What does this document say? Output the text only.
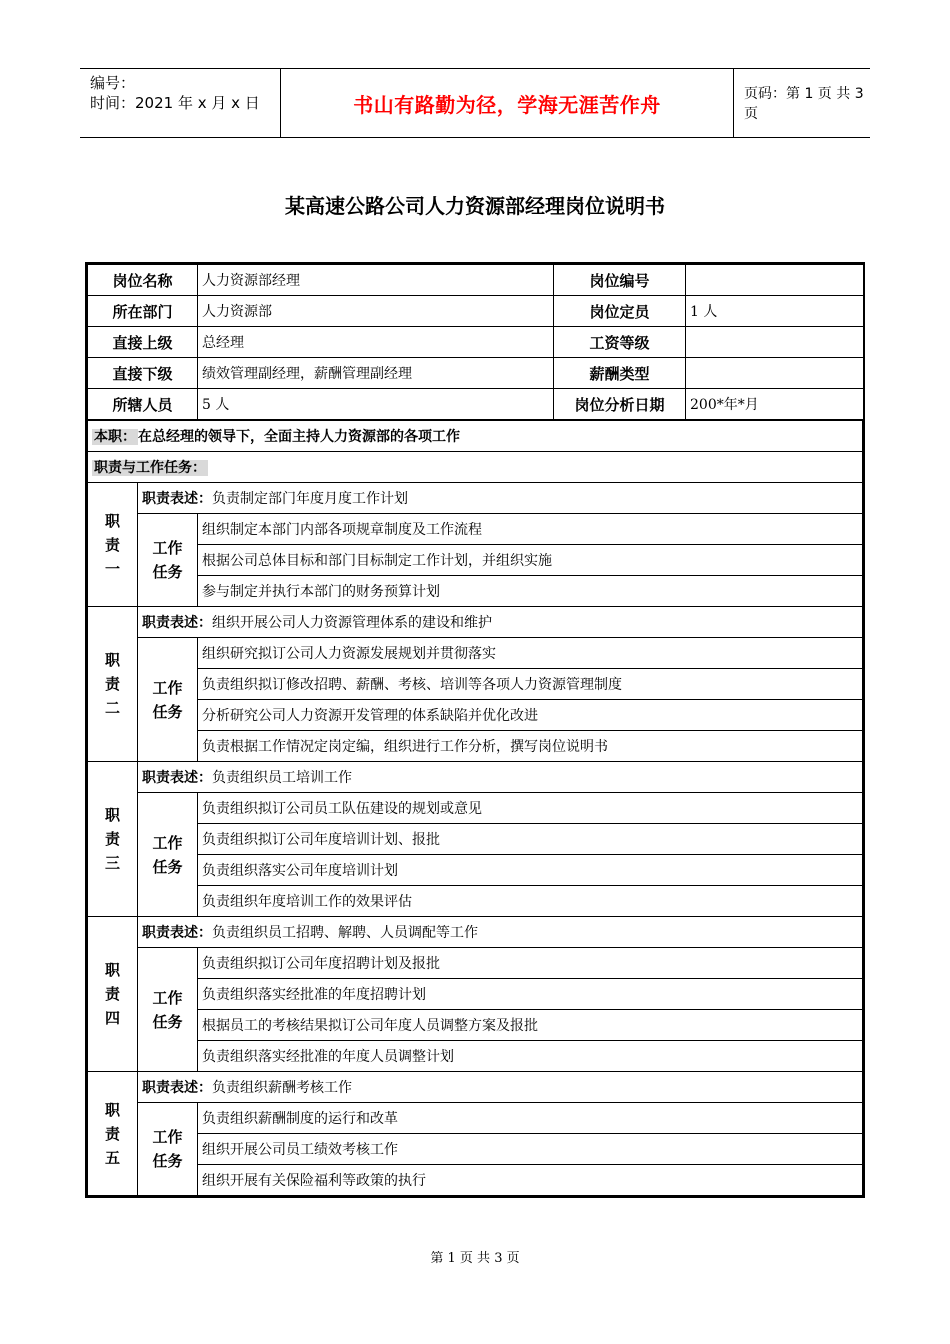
编号：
时间：2021 年 x 月 x 日	书山有路勤为径，学海无涯苦作舟	页码：第 1 页 共 3 页
某高速公路公司人力资源部经理岗位说明书
岗位名称	人力资源部经理	岗位编号	
所在部门	人力资源部	岗位定员	1 人
直接上级	总经理	工资等级	
直接下级	绩效管理副经理，薪酬管理副经理	薪酬类型	
所辖人员	5 人	岗位分析日期	200*年*月
本职： 在总经理的领导下，全面主持人力资源部的各项工作		
职责与工作任务：		

职
责
一	职责表述：负责制定部门年度月度工作计划	

	工作
任务	组织制定本部门内部各项规章制度及工作流程
		根据公司总体目标和部门目标制定工作计划，并组织实施
		参与制定并执行本部门的财务预算计划

职
责
二	职责表述：组织开展公司人力资源管理体系的建设和维护	

	工作
任务	组织研究拟订公司人力资源发展规划并贯彻落实
		负责组织拟订修改招聘、薪酬、考核、培训等各项人力资源管理制度
		分析研究公司人力资源开发管理的体系缺陷并优化改进
		负责根据工作情况定岗定编，组织进行工作分析，撰写岗位说明书

职
责
三	职责表述：负责组织员工培训工作	

	工作
任务	负责组织拟订公司员工队伍建设的规划或意见
		负责组织拟订公司年度培训计划、报批
		负责组织落实公司年度培训计划
		负责组织年度培训工作的效果评估

职
责
四	职责表述：负责组织员工招聘、解聘、人员调配等工作	

	工作
任务	负责组织拟订公司年度招聘计划及报批
		负责组织落实经批准的年度招聘计划
		根据员工的考核结果拟订公司年度人员调整方案及报批
		负责组织落实经批准的年度人员调整计划

职
责
五	职责表述：负责组织薪酬考核工作	

	工作
任务	负责组织薪酬制度的运行和改革
		组织开展公司员工绩效考核工作
		组织开展有关保险福利等政策的执行
第 1 页 共 3 页
